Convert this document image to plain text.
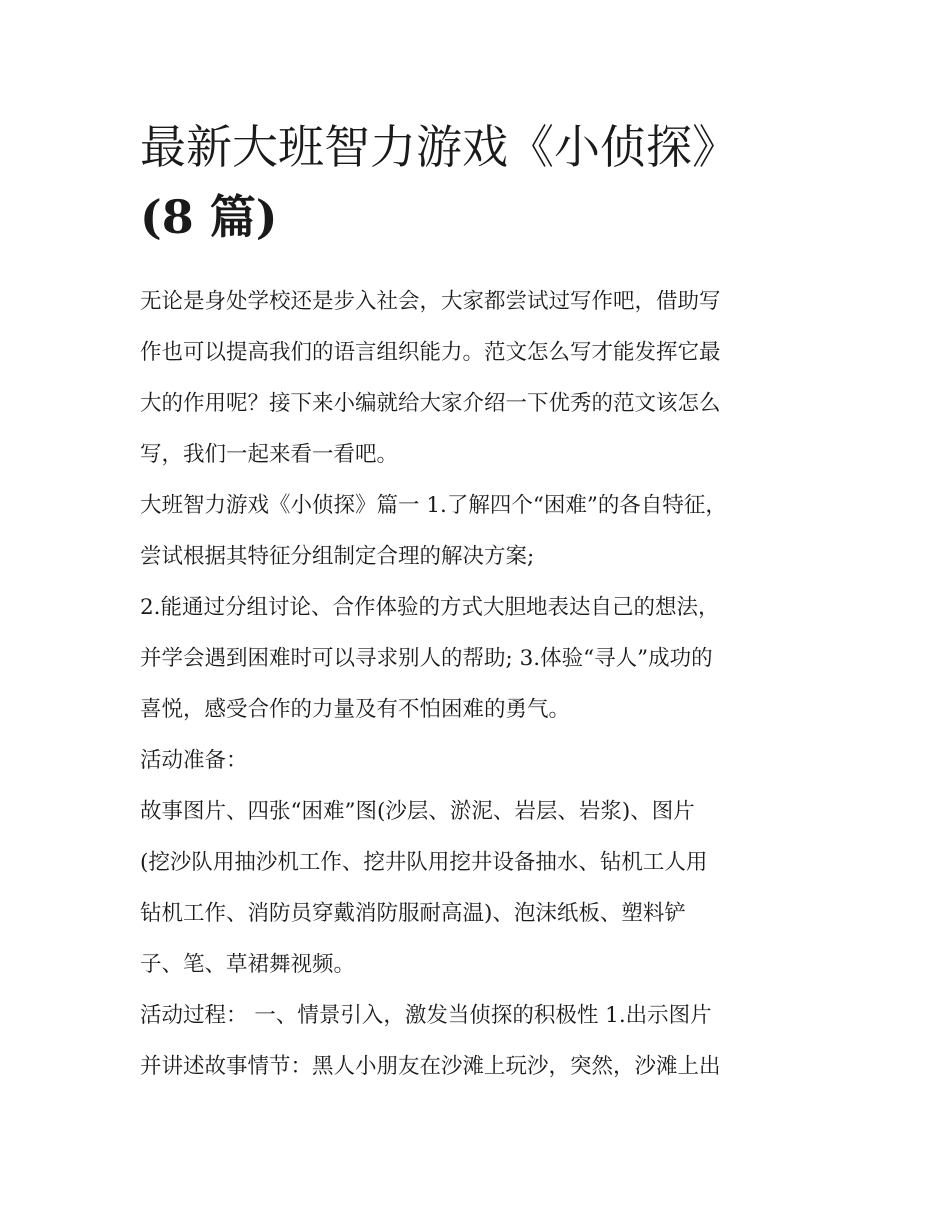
最新大班智力游戏《小侦探》
(8 篇)
无论是身处学校还是步入社会，大家都尝试过写作吧，借助写
作也可以提高我们的语言组织能力。范文怎么写才能发挥它最
大的作用呢？接下来小编就给大家介绍一下优秀的范文该怎么
写，我们一起来看一看吧。
大班智力游戏《小侦探》篇一 1.了解四个“困难”的各自特征，
尝试根据其特征分组制定合理的解决方案;
2.能通过分组讨论、合作体验的方式大胆地表达自己的想法，
并学会遇到困难时可以寻求别人的帮助; 3.体验“寻人”成功的
喜悦，感受合作的力量及有不怕困难的勇气。
活动准备：
故事图片、四张“困难”图(沙层、淤泥、岩层、岩浆)、图片
(挖沙队用抽沙机工作、挖井队用挖井设备抽水、钻机工人用
钻机工作、消防员穿戴消防服耐高温)、泡沫纸板、塑料铲
子、笔、草裙舞视频。
活动过程： 一、情景引入，激发当侦探的积极性 1.出示图片
并讲述故事情节：黑人小朋友在沙滩上玩沙，突然，沙滩上出
